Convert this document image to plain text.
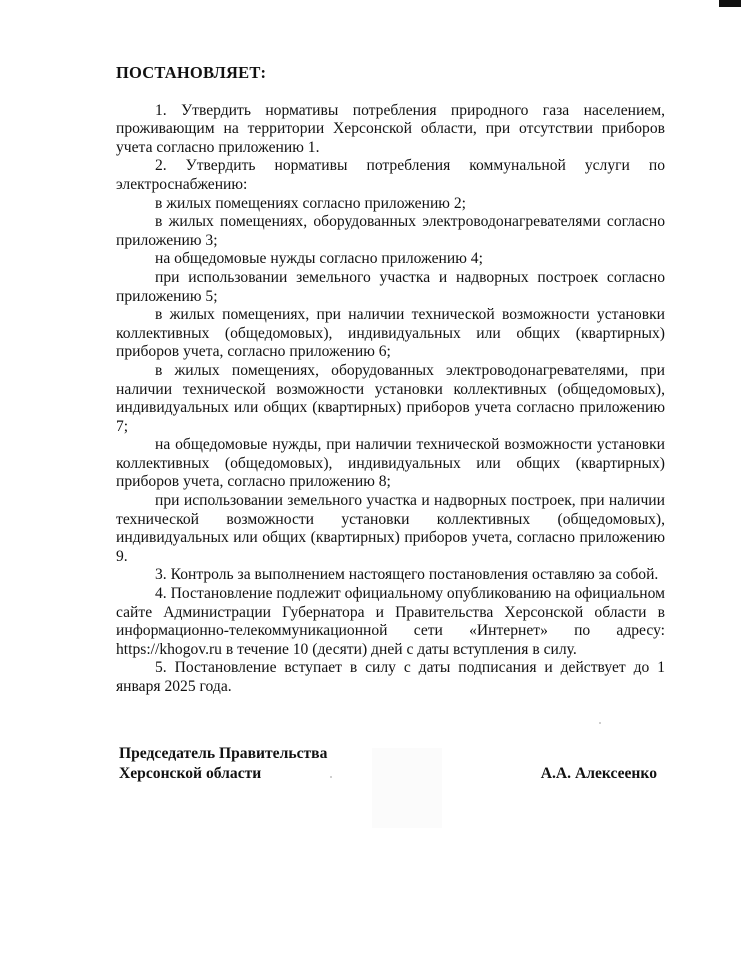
ПОСТАНОВЛЯЕТ:

1. Утвердить нормативы потребления природного газа населением, проживающим на территории Херсонской области, при отсутствии приборов учета согласно приложению 1.

2. Утвердить нормативы потребления коммунальной услуги по электроснабжению:

в жилых помещениях согласно приложению 2;

в жилых помещениях, оборудованных электроводонагревателями согласно приложению 3;

на общедомовые нужды согласно приложению 4;

при использовании земельного участка и надворных построек согласно приложению 5;

в жилых помещениях, при наличии технической возможности установки коллективных (общедомовых), индивидуальных или общих (квартирных) приборов учета, согласно приложению 6;

в жилых помещениях, оборудованных электроводонагревателями, при наличии технической возможности установки коллективных (общедомовых), индивидуальных или общих (квартирных) приборов учета согласно приложению 7;

на общедомовые нужды, при наличии технической возможности установки коллективных (общедомовых), индивидуальных или общих (квартирных) приборов учета, согласно приложению 8;

при использовании земельного участка и надворных построек, при наличии технической возможности установки коллективных (общедомовых), индивидуальных или общих (квартирных) приборов учета, согласно приложению 9.

3. Контроль за выполнением настоящего постановления оставляю за собой.

4. Постановление подлежит официальному опубликованию на официальном сайте Администрации Губернатора и Правительства Херсонской области в информационно-телекоммуникационной сети «Интернет» по адресу: https://khogov.ru в течение 10 (десяти) дней с даты вступления в силу.

5. Постановление вступает в силу с даты подписания и действует до 1 января 2025 года.

Председатель Правительства
Херсонской области	А.А. Алексеенко
